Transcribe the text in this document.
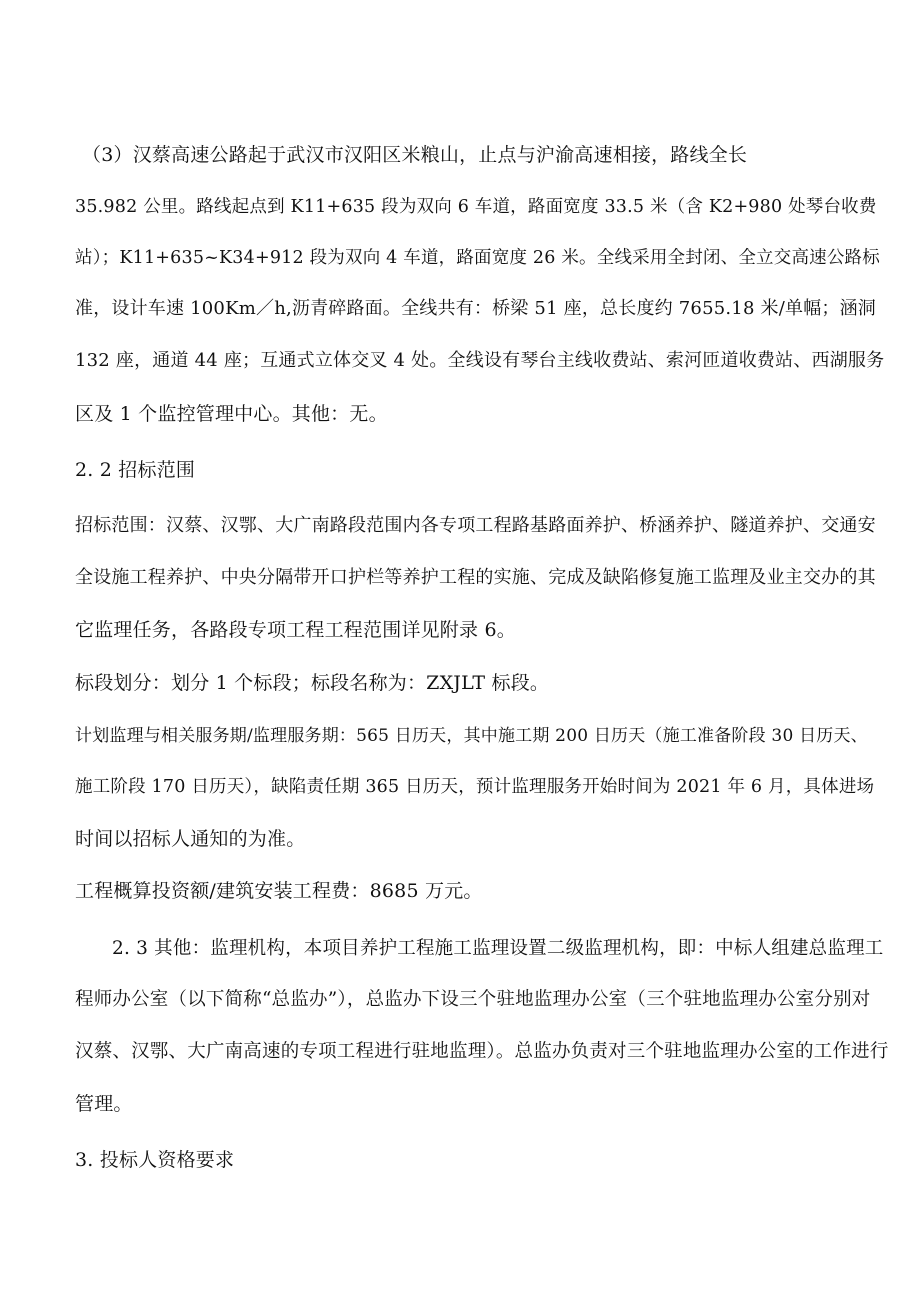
（3）汉蔡高速公路起于武汉市汉阳区米粮山，止点与沪渝高速相接，路线全长
35.982 公里。路线起点到 K11+635 段为双向 6 车道，路面宽度 33.5 米（含 K2+980 处琴台收费
站）；K11+635~K34+912 段为双向 4 车道，路面宽度 26 米。全线采用全封闭、全立交高速公路标
准，设计车速 100Km／h,沥青碎路面。全线共有：桥梁 51 座，总长度约 7655.18 米/单幅；涵洞
132 座，通道 44 座；互通式立体交叉 4 处。全线设有琴台主线收费站、索河匝道收费站、西湖服务
区及 1 个监控管理中心。其他：无。
2. 2 招标范围
招标范围：汉蔡、汉鄂、大广南路段范围内各专项工程路基路面养护、桥涵养护、隧道养护、交通安
全设施工程养护、中央分隔带开口护栏等养护工程的实施、完成及缺陷修复施工监理及业主交办的其
它监理任务，各路段专项工程工程范围详见附录 6。
标段划分：划分 1 个标段；标段名称为：ZXJLT 标段。
计划监理与相关服务期/监理服务期：565 日历天，其中施工期 200 日历天（施工准备阶段 30 日历天、
施工阶段 170 日历天），缺陷责任期 365 日历天，预计监理服务开始时间为 2021 年 6 月，具体进场
时间以招标人通知的为准。
工程概算投资额/建筑安装工程费：8685 万元。
2. 3 其他：监理机构，本项目养护工程施工监理设置二级监理机构，即：中标人组建总监理工
程师办公室（以下简称“总监办”），总监办下设三个驻地监理办公室（三个驻地监理办公室分别对
汉蔡、汉鄂、大广南高速的专项工程进行驻地监理）。总监办负责对三个驻地监理办公室的工作进行
管理。
3. 投标人资格要求
